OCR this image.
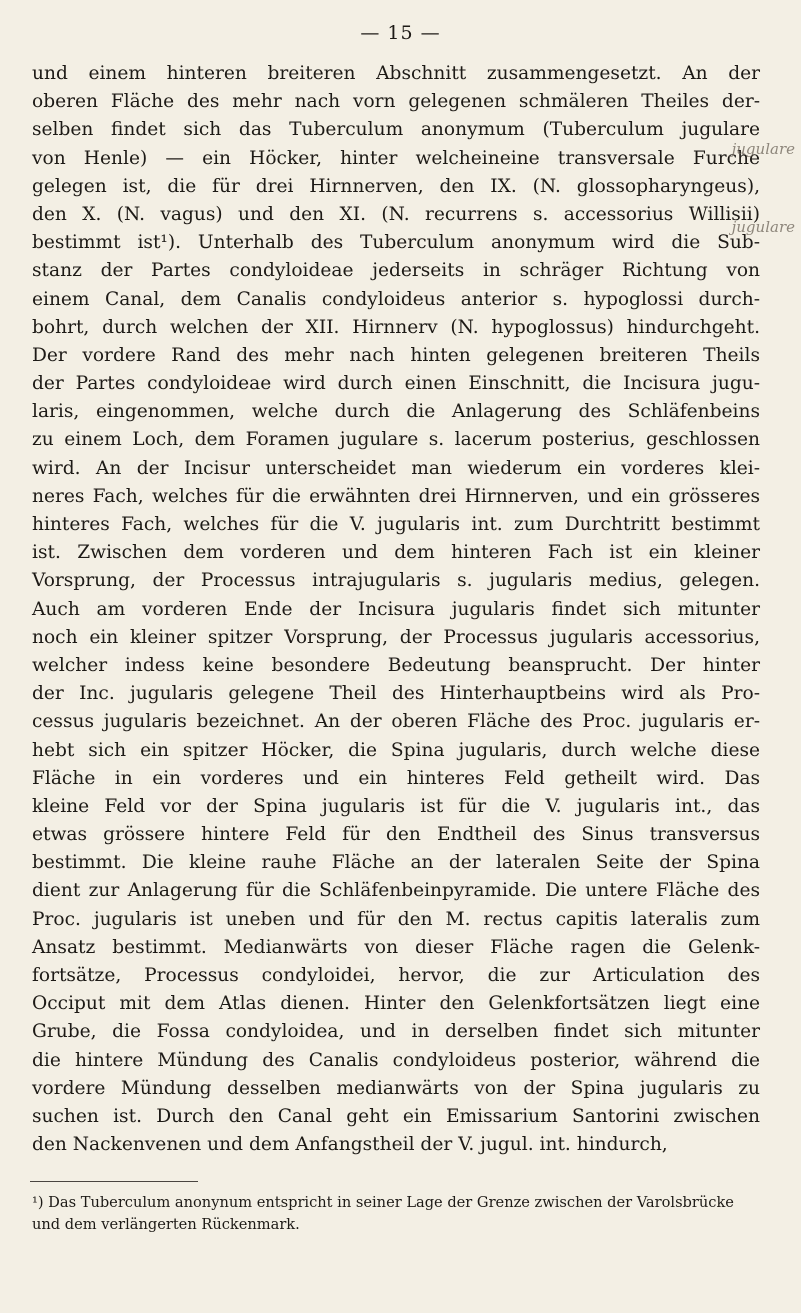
— 15 —
und einem hinteren breiteren Abschnitt zusammengesetzt. An der
oberen Fläche des mehr nach vorn gelegenen schmäleren Theiles der-
selben findet sich das Tuberculum anonymum (Tuberculum jugulare
von Henle) — ein Höcker, hinter welcheineine transversale Furche
gelegen ist, die für drei Hirnnerven, den IX. (N. glossopharyngeus),
den X. (N. vagus) und den XI. (N. recurrens s. accessorius Willisii)
bestimmt ist¹). Unterhalb des Tuberculum anonymum wird die Sub-
stanz der Partes condyloideae jederseits in schräger Richtung von
einem Canal, dem Canalis condyloideus anterior s. hypoglossi durch-
bohrt, durch welchen der XII. Hirnnerv (N. hypoglossus) hindurchgeht.
Der vordere Rand des mehr nach hinten gelegenen breiteren Theils
der Partes condyloideae wird durch einen Einschnitt, die Incisura jugu-
laris, eingenommen, welche durch die Anlagerung des Schläfenbeins
zu einem Loch, dem Foramen jugulare s. lacerum posterius, geschlossen
wird. An der Incisur unterscheidet man wiederum ein vorderes klei-
neres Fach, welches für die erwähnten drei Hirnnerven, und ein grösseres
hinteres Fach, welches für die V. jugularis int. zum Durchtritt bestimmt
ist. Zwischen dem vorderen und dem hinteren Fach ist ein kleiner
Vorsprung, der Processus intrajugularis s. jugularis medius, gelegen.
Auch am vorderen Ende der Incisura jugularis findet sich mitunter
noch ein kleiner spitzer Vorsprung, der Processus jugularis accessorius,
welcher indess keine besondere Bedeutung beansprucht. Der hinter
der Inc. jugularis gelegene Theil des Hinterhauptbeins wird als Pro-
cessus jugularis bezeichnet. An der oberen Fläche des Proc. jugularis er-
hebt sich ein spitzer Höcker, die Spina jugularis, durch welche diese
Fläche in ein vorderes und ein hinteres Feld getheilt wird. Das
kleine Feld vor der Spina jugularis ist für die V. jugularis int., das
etwas grössere hintere Feld für den Endtheil des Sinus transversus
bestimmt. Die kleine rauhe Fläche an der lateralen Seite der Spina
dient zur Anlagerung für die Schläfenbeinpyramide. Die untere Fläche des
Proc. jugularis ist uneben und für den M. rectus capitis lateralis zum
Ansatz bestimmt. Medianwärts von dieser Fläche ragen die Gelenk-
fortsätze, Processus condyloidei, hervor, die zur Articulation des
Occiput mit dem Atlas dienen. Hinter den Gelenkfortsätzen liegt eine
Grube, die Fossa condyloidea, und in derselben findet sich mitunter
die hintere Mündung des Canalis condyloideus posterior, während die
vordere Mündung desselben medianwärts von der Spina jugularis zu
suchen ist. Durch den Canal geht ein Emissarium Santorini zwischen
den Nackenvenen und dem Anfangstheil der V. jugul. int. hindurch,
jugulare
jugulare
¹) Das Tuberculum anonynum entspricht in seiner Lage der Grenze zwischen der Varolsbrücke und dem verlängerten Rückenmark.
